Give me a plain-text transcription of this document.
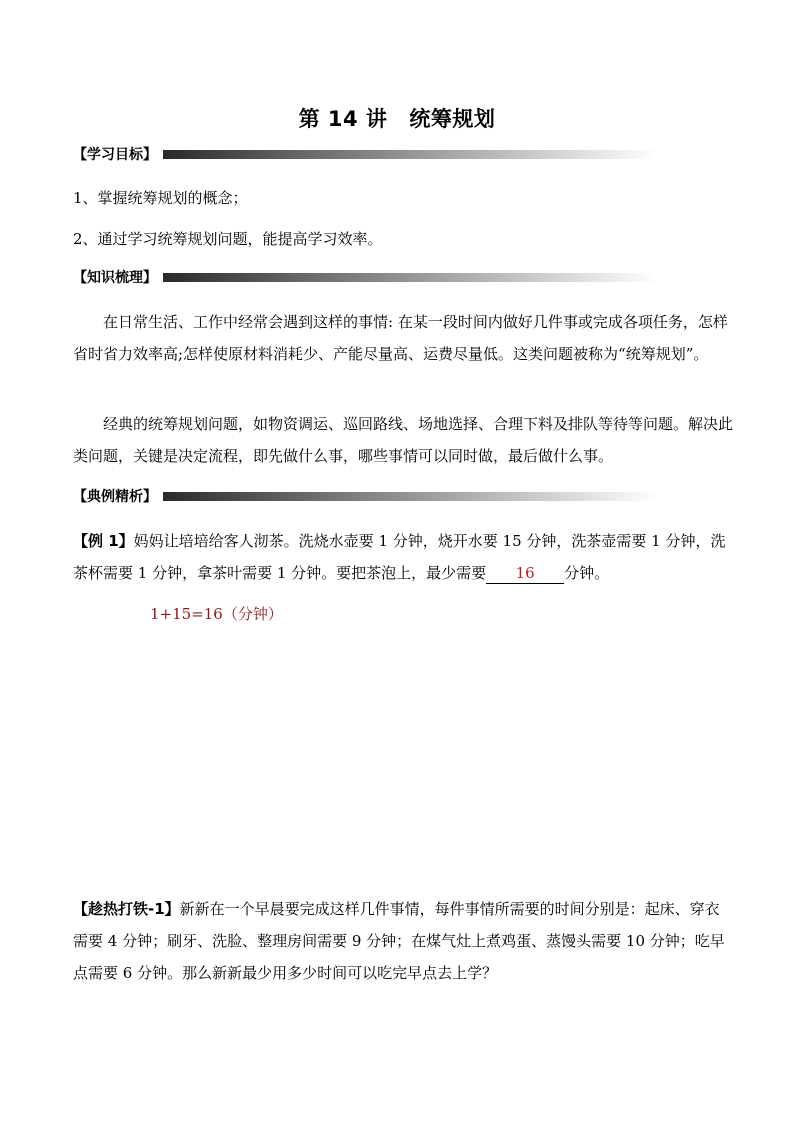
第 14 讲 统筹规划
【学习目标】
1、掌握统筹规划的概念；
2、通过学习统筹规划问题，能提高学习效率。
【知识梳理】
在日常生活、工作中经常会遇到这样的事情: 在某一段时间内做好几件事或完成各项任务，怎样省时省力效率高;怎样使原材料消耗少、产能尽量高、运费尽量低。这类问题被称为“统筹规划”。
经典的统筹规划问题，如物资调运、巡回路线、场地选择、合理下料及排队等待等问题。解决此类问题，关键是决定流程，即先做什么事，哪些事情可以同时做，最后做什么事。
【典例精析】
【例 1】妈妈让培培给客人沏茶。洗烧水壶要 1 分钟，烧开水要 15 分钟，洗茶壶需要 1 分钟，洗茶杯需要 1 分钟，拿茶叶需要 1 分钟。要把茶泡上，最少需要 16 分钟。
1+15=16（分钟）
【趁热打铁-1】新新在一个早晨要完成这样几件事情，每件事情所需要的时间分别是：起床、穿衣需要 4 分钟；刷牙、洗脸、整理房间需要 9 分钟；在煤气灶上煮鸡蛋、蒸馒头需要 10 分钟；吃早点需要 6 分钟。那么新新最少用多少时间可以吃完早点去上学？
